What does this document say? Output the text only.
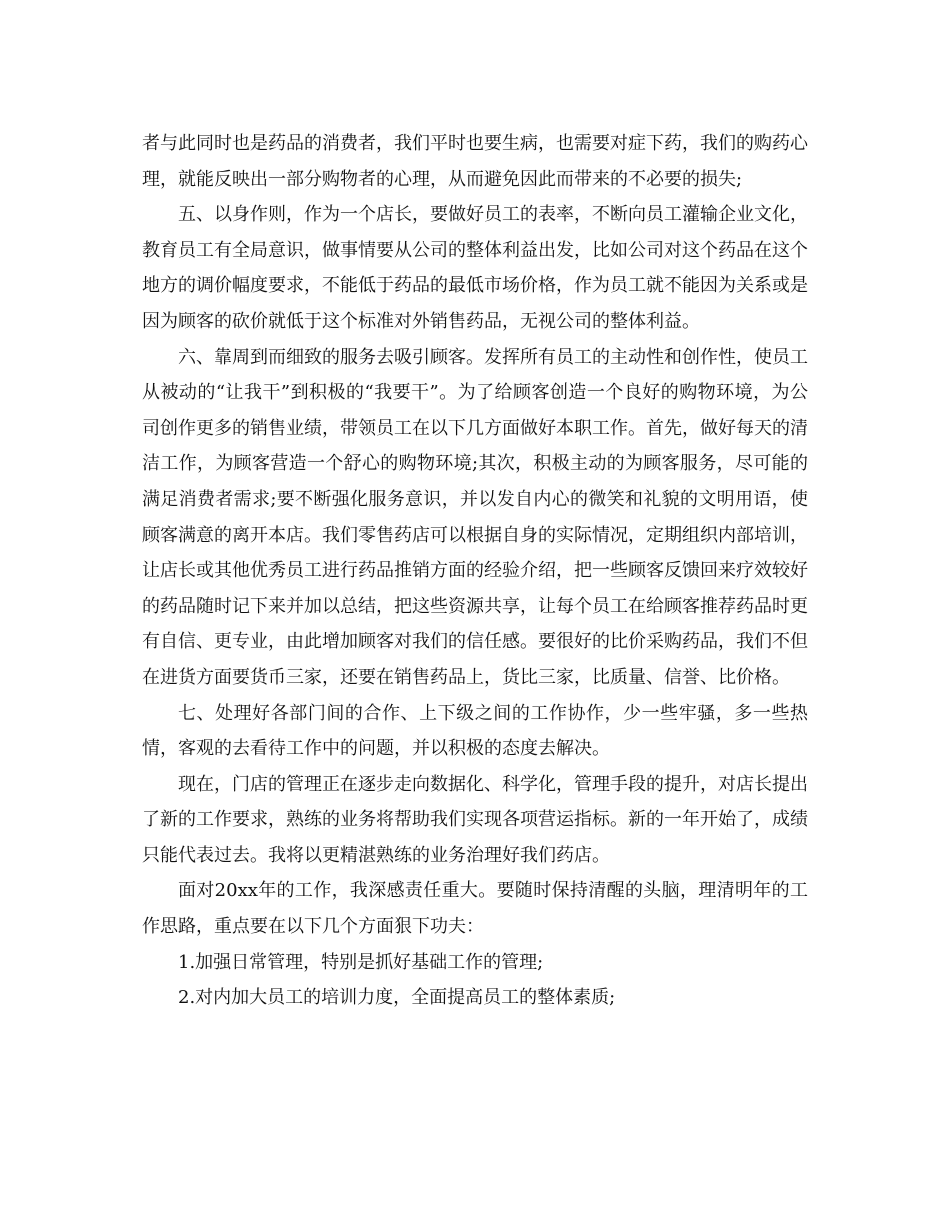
者与此同时也是药品的消费者，我们平时也要生病，也需要对症下药，我们的购药心理，就能反映出一部分购物者的心理，从而避免因此而带来的不必要的损失;

五、以身作则，作为一个店长，要做好员工的表率，不断向员工灌输企业文化，教育员工有全局意识，做事情要从公司的整体利益出发，比如公司对这个药品在这个地方的调价幅度要求，不能低于药品的最低市场价格，作为员工就不能因为关系或是因为顾客的砍价就低于这个标准对外销售药品，无视公司的整体利益。

六、靠周到而细致的服务去吸引顾客。发挥所有员工的主动性和创作性，使员工从被动的“让我干”到积极的“我要干”。为了给顾客创造一个良好的购物环境，为公司创作更多的销售业绩，带领员工在以下几方面做好本职工作。首先，做好每天的清洁工作，为顾客营造一个舒心的购物环境;其次，积极主动的为顾客服务，尽可能的满足消费者需求;要不断强化服务意识，并以发自内心的微笑和礼貌的文明用语，使顾客满意的离开本店。我们零售药店可以根据自身的实际情况，定期组织内部培训，让店长或其他优秀员工进行药品推销方面的经验介绍，把一些顾客反馈回来疗效较好的药品随时记下来并加以总结，把这些资源共享，让每个员工在给顾客推荐药品时更有自信、更专业，由此增加顾客对我们的信任感。要很好的比价采购药品，我们不但在进货方面要货币三家，还要在销售药品上，货比三家，比质量、信誉、比价格。

七、处理好各部门间的合作、上下级之间的工作协作，少一些牢骚，多一些热情，客观的去看待工作中的问题，并以积极的态度去解决。

现在，门店的管理正在逐步走向数据化、科学化，管理手段的提升，对店长提出了新的工作要求，熟练的业务将帮助我们实现各项营运指标。新的一年开始了，成绩只能代表过去。我将以更精湛熟练的业务治理好我们药店。

面对20xx年的工作，我深感责任重大。要随时保持清醒的头脑，理清明年的工作思路，重点要在以下几个方面狠下功夫：

1.加强日常管理，特别是抓好基础工作的管理;

2.对内加大员工的培训力度，全面提高员工的整体素质;
